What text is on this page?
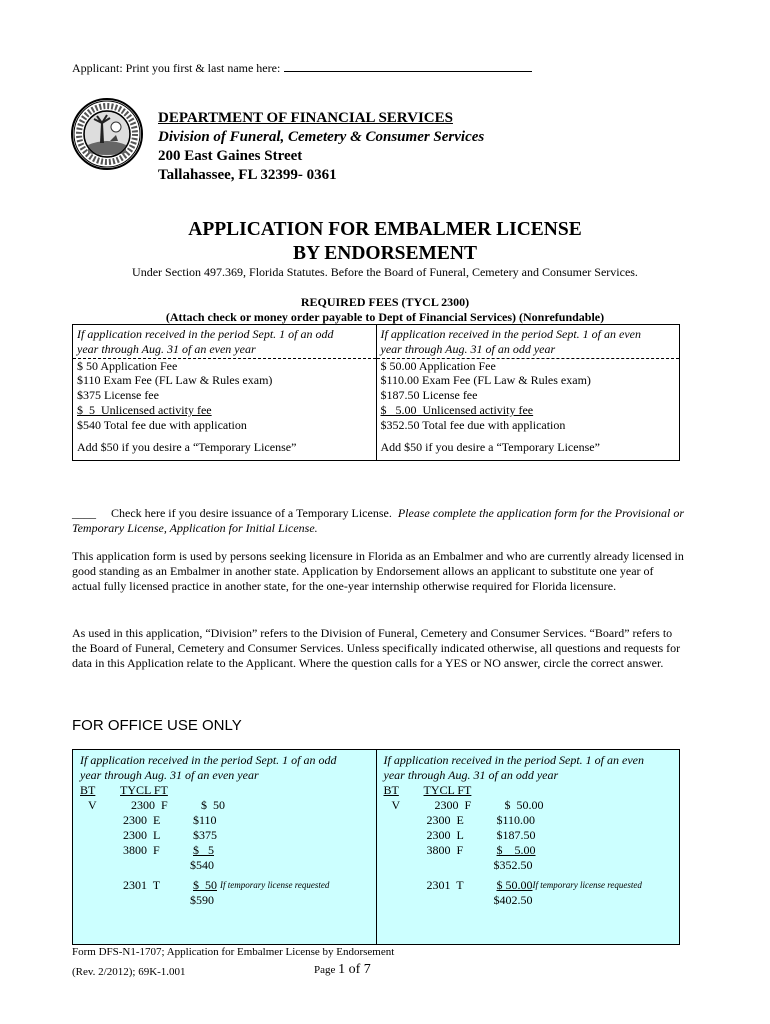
Applicant: Print you first & last name here:
DEPARTMENT OF FINANCIAL SERVICES
Division of Funeral, Cemetery & Consumer Services
200 East Gaines Street
Tallahassee, FL 32399- 0361
APPLICATION FOR EMBALMER LICENSE
BY ENDORSEMENT
Under Section 497.369, Florida Statutes. Before the Board of Funeral, Cemetery and Consumer Services.
REQUIRED FEES (TYCL 2300)
(Attach check or money order payable to Dept of Financial Services) (Nonrefundable)
If application received in the period Sept. 1 of an odd
year through Aug. 31 of an even year
$ 50 Application Fee
$110 Exam Fee (FL Law & Rules exam)
$375 License fee
$  5  Unlicensed activity fee
$540 Total fee due with application
Add $50 if you desire a “Temporary License”
If application received in the period Sept. 1 of an even
year through Aug. 31 of an odd year
$ 50.00 Application Fee
$110.00 Exam Fee (FL Law & Rules exam)
$187.50 License fee
$   5.00  Unlicensed activity fee
$352.50 Total fee due with application
Add $50 if you desire a “Temporary License”
____ Check here if you desire issuance of a Temporary License. Please complete the application form for the Provisional or Temporary License, Application for Initial License.
This application form is used by persons seeking licensure in Florida as an Embalmer and who are currently already licensed in good standing as an Embalmer in another state. Application by Endorsement allows an applicant to substitute one year of actual fully licensed practice in another state, for the one-year internship otherwise required for Florida licensure.
As used in this application, “Division” refers to the Division of Funeral, Cemetery and Consumer Services. “Board” refers to the Board of Funeral, Cemetery and Consumer Services. Unless specifically indicated otherwise, all questions and requests for data in this Application relate to the Applicant. Where the question calls for a YES or NO answer, circle the correct answer.
FOR OFFICE USE ONLY
If application received in the period Sept. 1 of an odd
year through Aug. 31 of an even year
BT	TYCL FT
V	2300  F	$  50
2300  E	$110
2300  L	$375
3800  F	$   5
$540
2301  T	$  50
If temporary license requested
$590
If application received in the period Sept. 1 of an even
year through Aug. 31 of an odd year
BT	TYCL FT
V	2300  F	$  50.00
2300  E	$110.00
2300  L	$187.50
3800  F	$    5.00
$352.50
2301  T	$ 50.00 If temporary license requested
$402.50
Form DFS-N1-1707; Application for Embalmer License by Endorsement
(Rev. 2/2012); 69K-1.001	Page 1 of 7
